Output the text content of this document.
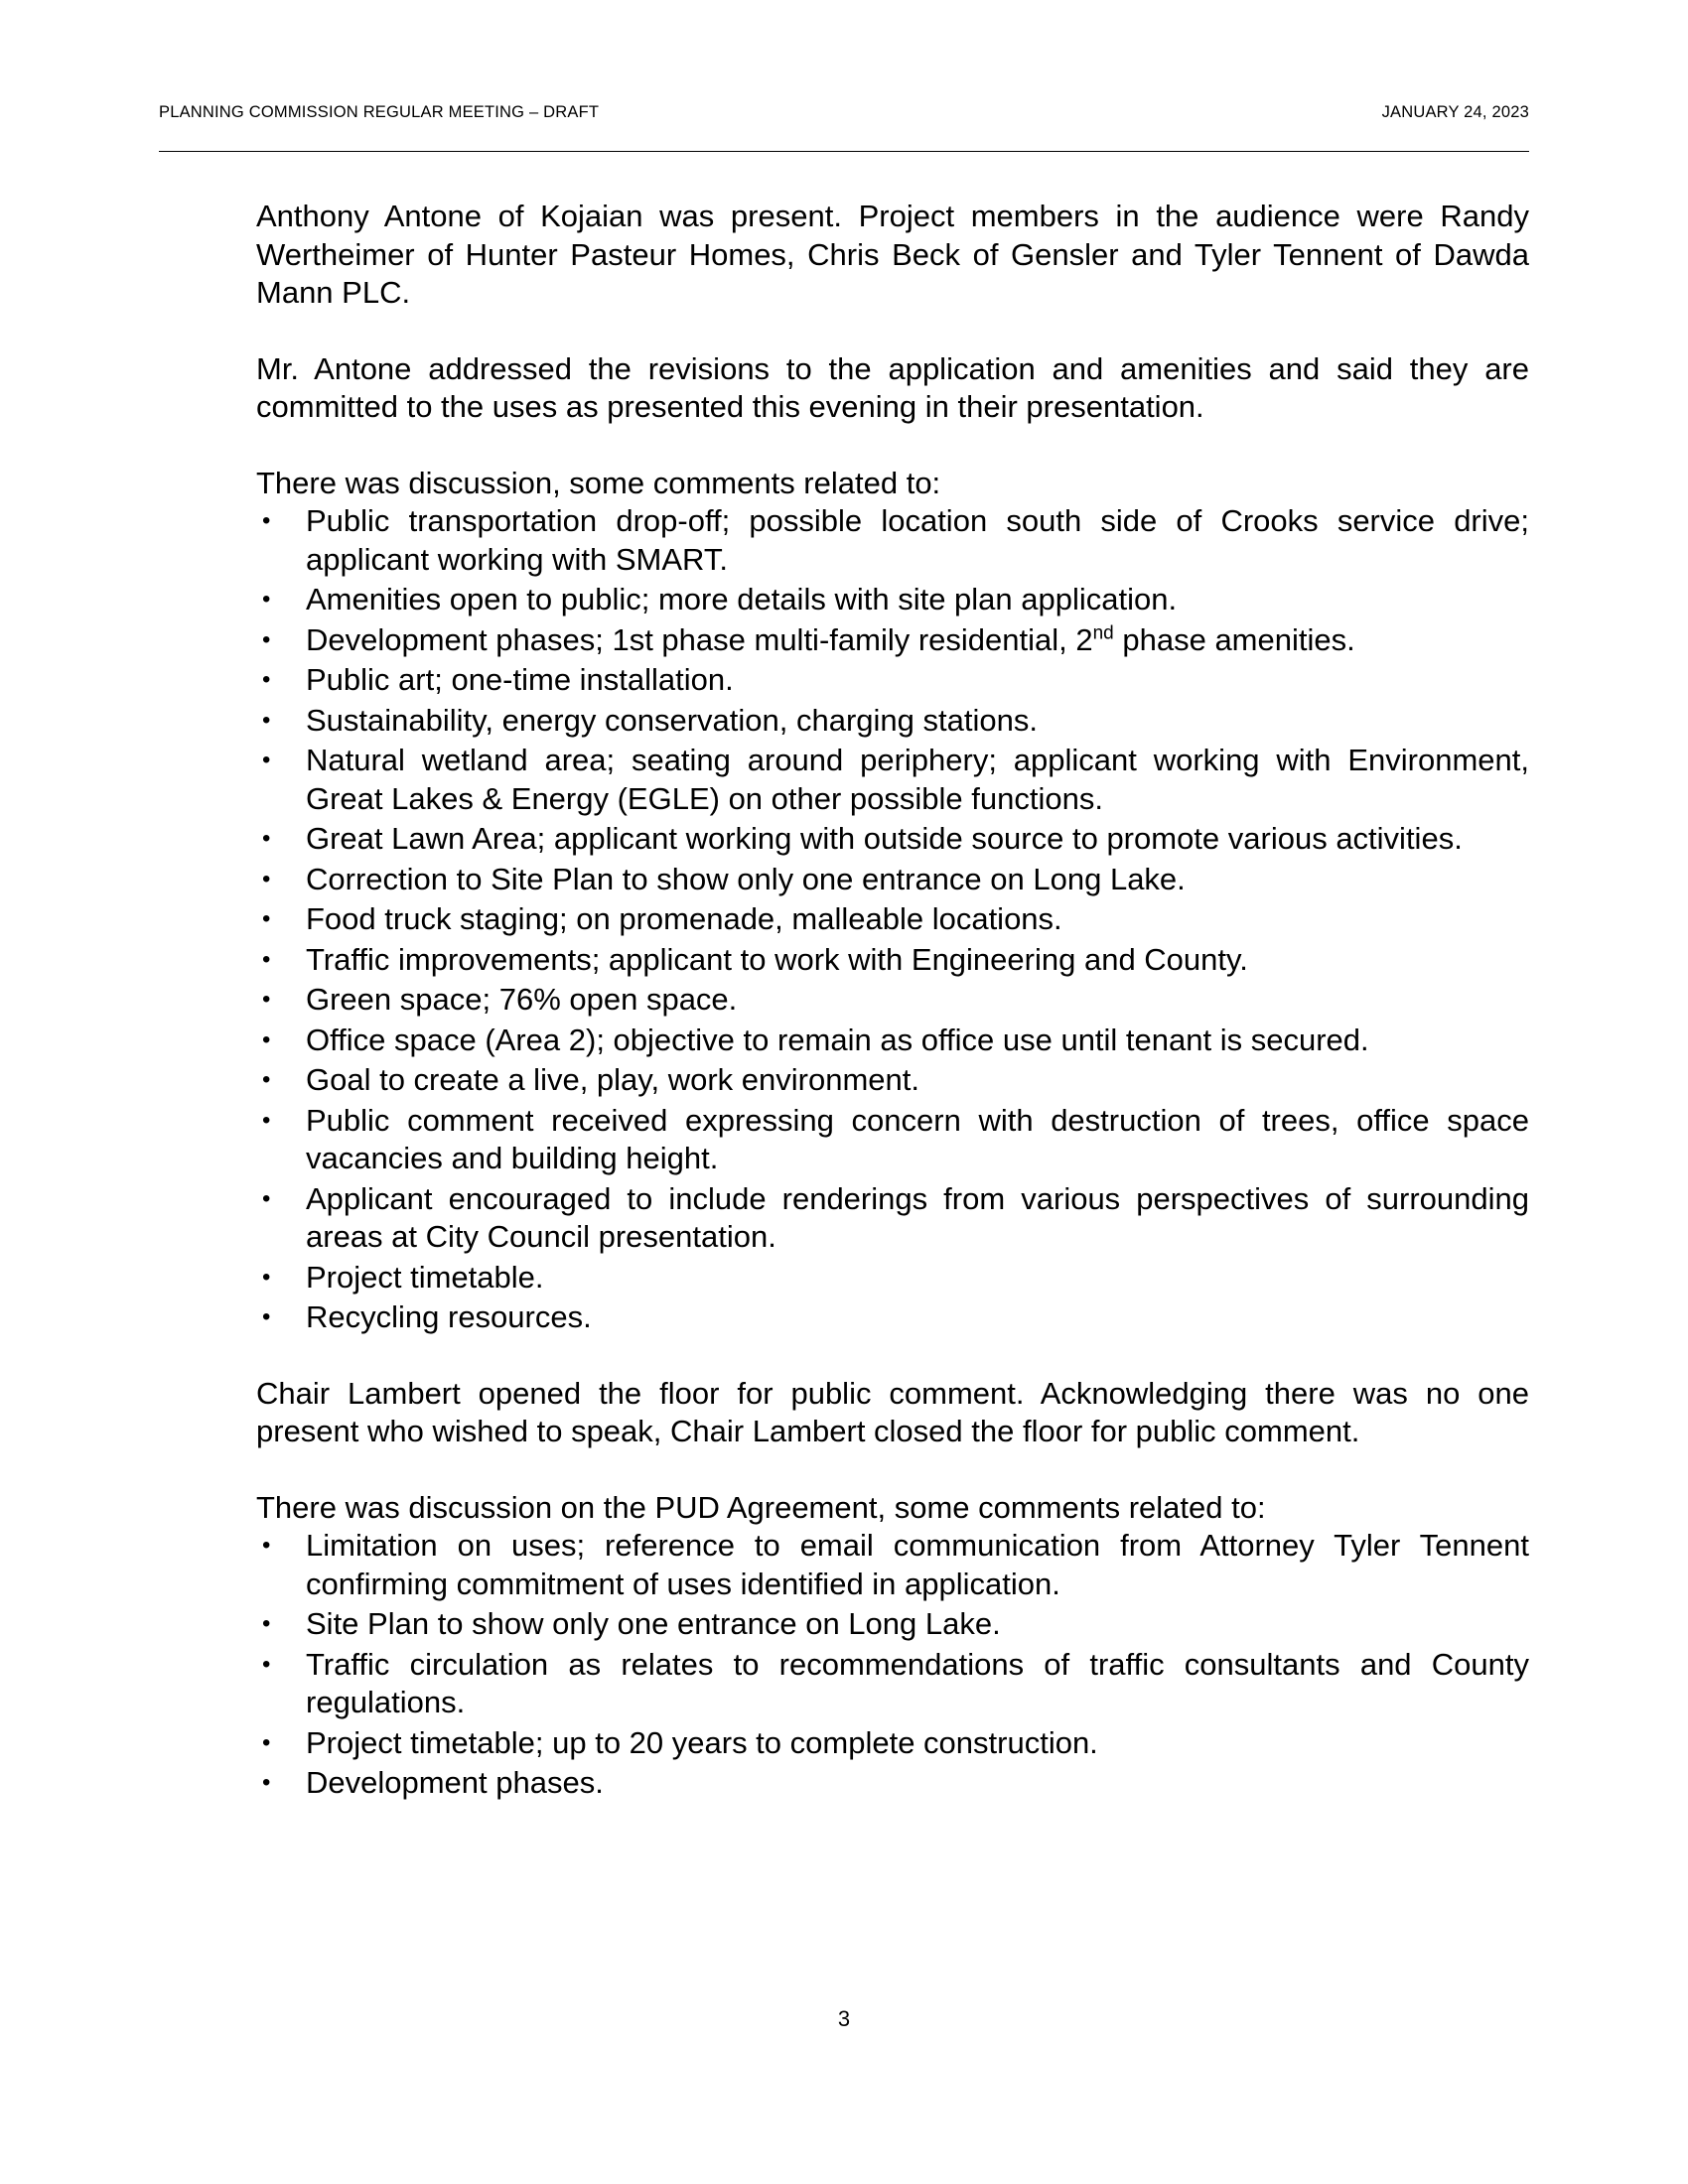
PLANNING COMMISSION REGULAR MEETING – DRAFT	JANUARY 24, 2023

Anthony Antone of Kojaian was present. Project members in the audience were Randy Wertheimer of Hunter Pasteur Homes, Chris Beck of Gensler and Tyler Tennent of Dawda Mann PLC.

Mr. Antone addressed the revisions to the application and amenities and said they are committed to the uses as presented this evening in their presentation.

There was discussion, some comments related to:

• Public transportation drop-off; possible location south side of Crooks service drive; applicant working with SMART.
• Amenities open to public; more details with site plan application.
• Development phases; 1st phase multi-family residential, 2nd phase amenities.
• Public art; one-time installation.
• Sustainability, energy conservation, charging stations.
• Natural wetland area; seating around periphery; applicant working with Environment, Great Lakes & Energy (EGLE) on other possible functions.
• Great Lawn Area; applicant working with outside source to promote various activities.
• Correction to Site Plan to show only one entrance on Long Lake.
• Food truck staging; on promenade, malleable locations.
• Traffic improvements; applicant to work with Engineering and County.
• Green space; 76% open space.
• Office space (Area 2); objective to remain as office use until tenant is secured.
• Goal to create a live, play, work environment.
• Public comment received expressing concern with destruction of trees, office space vacancies and building height.
• Applicant encouraged to include renderings from various perspectives of surrounding areas at City Council presentation.
• Project timetable.
• Recycling resources.

Chair Lambert opened the floor for public comment. Acknowledging there was no one present who wished to speak, Chair Lambert closed the floor for public comment.

There was discussion on the PUD Agreement, some comments related to:

• Limitation on uses; reference to email communication from Attorney Tyler Tennent confirming commitment of uses identified in application.
• Site Plan to show only one entrance on Long Lake.
• Traffic circulation as relates to recommendations of traffic consultants and County regulations.
• Project timetable; up to 20 years to complete construction.
• Development phases.
3
